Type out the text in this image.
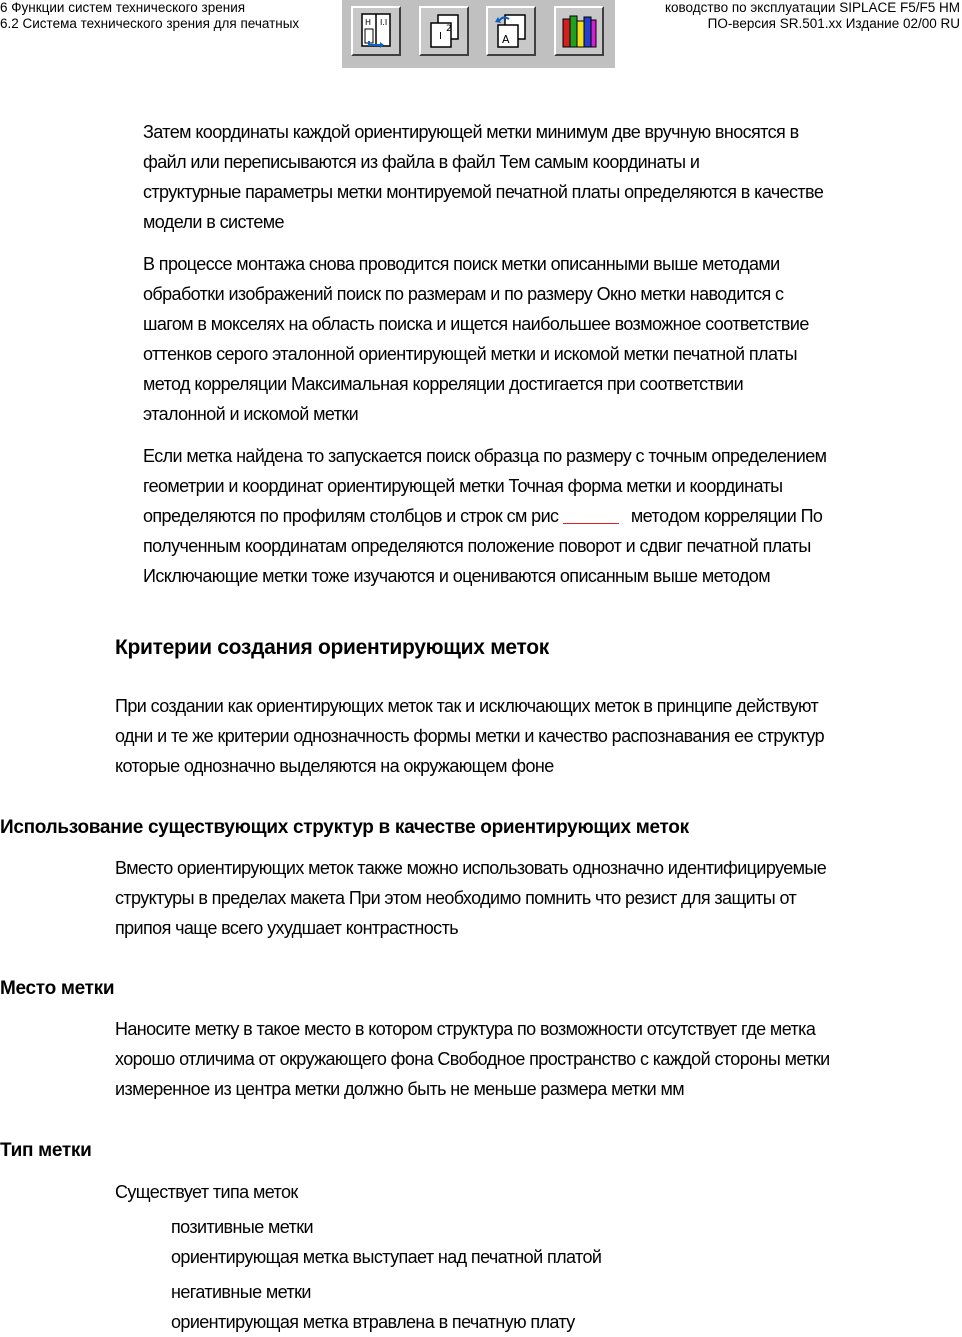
6 Функции систем технического зрения
6.2 Система технического зрения для печатных
ководство по эксплуатации SIPLACE F5/F5 HM
ПО-версия SR.501.xx Издание 02/00 RU
H I.I
I
2
A
Затем координаты каждой ориентирующей метки минимум две вручную вносятся в
файл или переписываются из файла в файл Тем самым координаты и
структурные параметры метки монтируемой печатной платы определяются в качестве
модели в системе
В процессе монтажа снова проводится поиск метки описанными выше методами
обработки изображений поиск по размерам и по размеру Окно метки наводится с
шагом в мокселях на область поиска и ищется наибольшее возможное соответствие
оттенков серого эталонной ориентирующей метки и искомой метки печатной платы
метод корреляции Максимальная корреляции достигается при соответствии
эталонной и искомой метки
Если метка найдена то запускается поиск образца по размеру с точным определением
геометрии и координат ориентирующей метки Точная форма метки и координаты
определяются по профилям столбцов и строк см рис	метoдом корреляции По
полученным координатам определяются положение поворот и сдвиг печатной платы
Исключающие метки тоже изучаются и оцениваются описанным выше методом
Критерии создания ориентирующих меток
При создании как ориентирующих меток так и исключающих меток в принципе действуют
одни и те же критерии однозначность формы метки и качество распознавания ее структур
которые однозначно выделяются на окружающем фоне
Использование существующих структур в качестве ориентирующих меток
Вместо ориентирующих меток также можно использовать однозначно идентифицируемые
структуры в пределах макета При этом необходимо помнить что резист для защиты от
припоя чаще всего ухудшает контрастность
Место метки
Наносите метку в такое место в котором структура по возможности отсутствует где метка
хорошо отличима от окружающего фона Свободное пространство с каждой стороны метки
измеренное из центра метки должно быть не меньше размера метки мм
Тип метки
Существует типа меток
позитивные метки
ориентирующая метка выступает над печатной платой
негативные метки
ориентирующая метка втравлена в печатную плату
